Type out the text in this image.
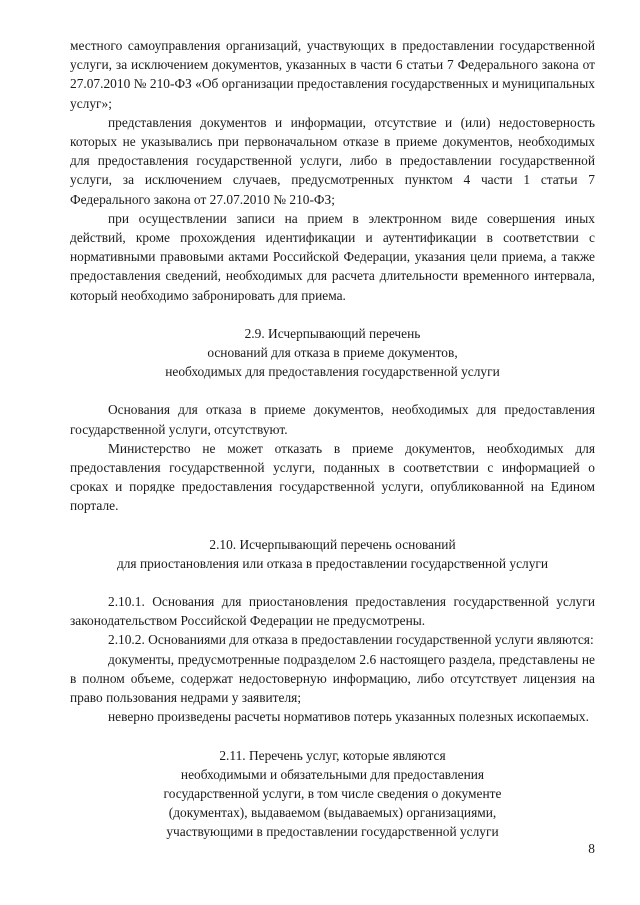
местного самоуправления организаций, участвующих в предоставлении государственной услуги, за исключением документов, указанных в части 6 статьи 7 Федерального закона от 27.07.2010 № 210-ФЗ «Об организации предоставления государственных и муниципальных услуг»;

представления документов и информации, отсутствие и (или) недостоверность которых не указывались при первоначальном отказе в приеме документов, необходимых для предоставления государственной услуги, либо в предоставлении государственной услуги, за исключением случаев, предусмотренных пунктом 4 части 1 статьи 7 Федерального закона от 27.07.2010 № 210-ФЗ;

при осуществлении записи на прием в электронном виде совершения иных действий, кроме прохождения идентификации и аутентификации в соответствии с нормативными правовыми актами Российской Федерации, указания цели приема, а также предоставления сведений, необходимых для расчета длительности временного интервала, который необходимо забронировать для приема.

2.9. Исчерпывающий перечень

оснований для отказа в приеме документов,

необходимых для предоставления государственной услуги

Основания для отказа в приеме документов, необходимых для предоставления государственной услуги, отсутствуют.

Министерство не может отказать в приеме документов, необходимых для предоставления государственной услуги, поданных в соответствии с информацией о сроках и порядке предоставления государственной услуги, опубликованной на Едином портале.

2.10. Исчерпывающий перечень оснований

для приостановления или отказа в предоставлении государственной услуги

2.10.1. Основания для приостановления предоставления государственной услуги законодательством Российской Федерации не предусмотрены.

2.10.2. Основаниями для отказа в предоставлении государственной услуги являются:

документы, предусмотренные подразделом 2.6 настоящего раздела, представлены не в полном объеме, содержат недостоверную информацию, либо отсутствует лицензия на право пользования недрами у заявителя;

неверно произведены расчеты нормативов потерь указанных полезных ископаемых.

2.11. Перечень услуг, которые являются

необходимыми и обязательными для предоставления

государственной услуги, в том числе сведения о документе

(документах), выдаваемом (выдаваемых) организациями,

участвующими в предоставлении государственной услуги

8
